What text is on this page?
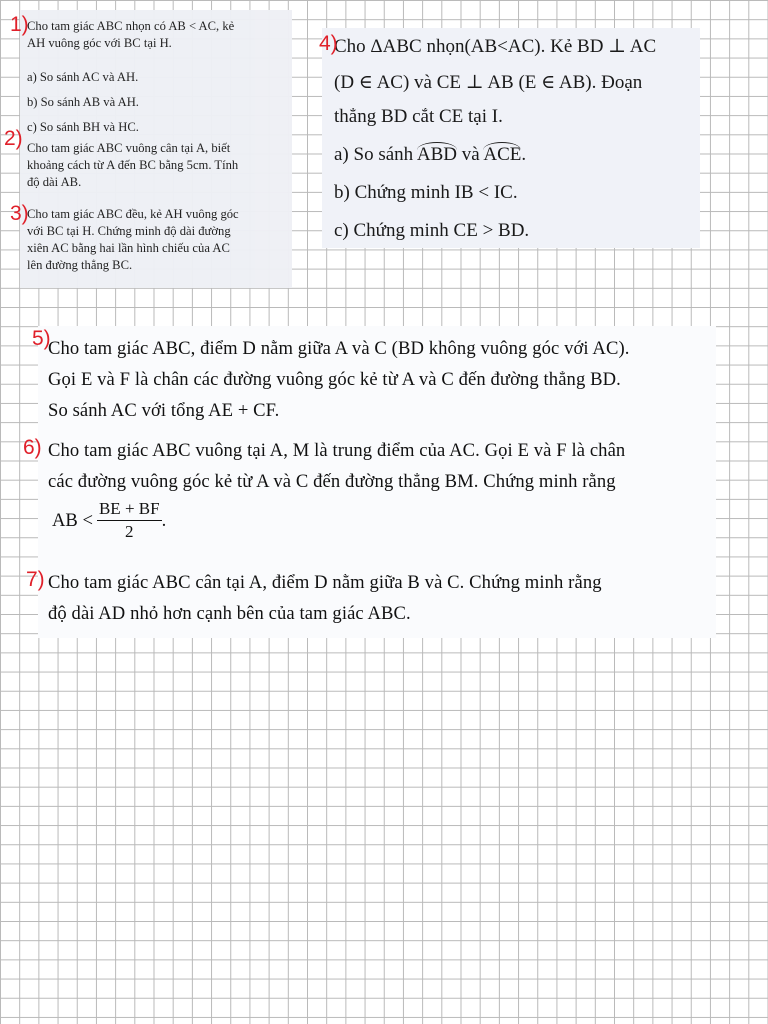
Cho tam giác ABC nhọn có AB < AC, kẻ
AH vuông góc với BC tại H.
a) So sánh AC và AH.
b) So sánh AB và AH.
c) So sánh BH và HC.
Cho tam giác ABC vuông cân tại A, biết
khoảng cách từ A đến BC bằng 5cm. Tính
độ dài AB.
Cho tam giác ABC đều, kẻ AH vuông góc
với BC tại H. Chứng minh độ dài đường
xiên AC bằng hai lần hình chiếu của AC
lên đường thẳng BC.
Cho ΔABC nhọn(AB<AC). Kẻ BD ⊥ AC
(D ∈ AC) và CE ⊥ AB (E ∈ AB). Đoạn
thẳng BD cắt CE tại I.
a) So sánh ABD và ACE.
b) Chứng minh IB < IC.
c) Chứng minh CE > BD.
Cho tam giác ABC, điểm D nằm giữa A và C (BD không vuông góc với AC).
Gọi E và F là chân các đường vuông góc kẻ từ A và C đến đường thẳng BD.
So sánh AC với tổng AE + CF.
Cho tam giác ABC vuông tại A, M là trung điểm của AC. Gọi E và F là chân
các đường vuông góc kẻ từ A và C đến đường thẳng BM. Chứng minh rằng
AB < $\frac{BE + BF}{2}$ .
Cho tam giác ABC cân tại A, điểm D nằm giữa B và C. Chứng minh rằng
độ dài AD nhỏ hơn cạnh bên của tam giác ABC.
1)
2)
3)
4)
5)
6)
7)
